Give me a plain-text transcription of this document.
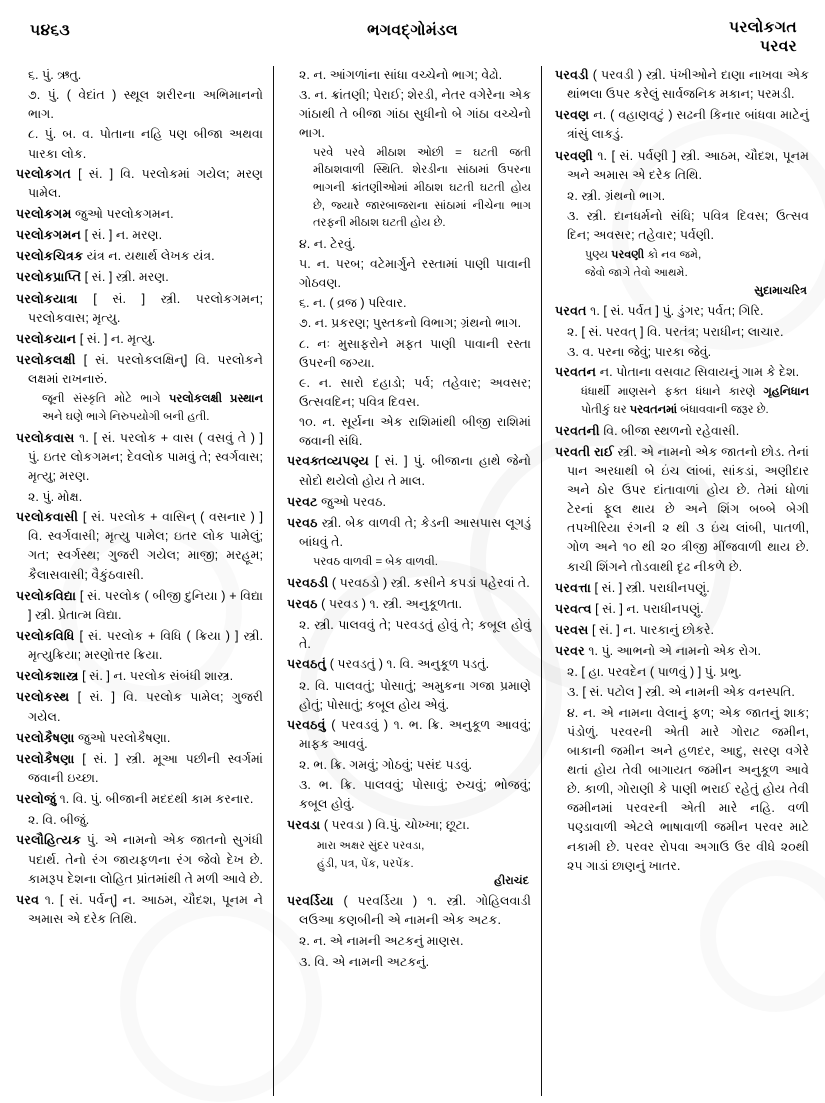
૫૪૬૩	ભગવદ્ગોમંડલ	પરલોકગત
પરવર

૬. પું. ઋતુ.

૭. પું. ( વેદાંત ) સ્થૂલ શરીરના અભિમાનનો ભાગ.

૮. પું. બ. વ. પોતાના નહિ પણ બીજા અથવા પારકા લોક.

પરલોકગત [ સં. ] વિ. પરલોકમાં ગયેલ; મરણ પામેલ.

પરલોકગમ જુઓ પરલોકગમન.

પરલોકગમન [ સં. ] ન. મરણ.

પરલોકચિત્રક યંત્ર ન. યથાર્થ લેખક યંત્ર.

પરલોકપ્રાપ્તિ [ સં. ] સ્ત્રી. મરણ.

પરલોકયાત્રા [ સં. ] સ્ત્રી. પરલોકગમન; પરલોકવાસ; મૃત્યુ.

પરલોકયાન [ સં. ] ન. મૃત્યુ.

પરલોકલક્ષી [ સં. પરલોકલક્ષિન્] વિ. પરલોકને લક્ષમાં રાખનારું.

પ્રસ્થાન
જૂની સંસ્કૃતિ મોટે ભાગે પરલોકલક્ષી અને ઘણે ભાગે નિરુપયોગી બની હતી.

પરલોકવાસ ૧. [ સં. પરલોક + વાસ ( વસવું તે ) ] પું. ઇતર લોકગમન; દેવલોક પામવું તે; સ્વર્ગવાસ; મૃત્યુ; મરણ.

૨. પું. મોક્ષ.

પરલોકવાસી [ સં. પરલોક + વાસિન્ ( વસનાર ) ] વિ. સ્વર્ગવાસી; મૃત્યુ પામેલ; ઇતર લોક પામેલું; ગત; સ્વર્ગસ્થ; ગુજરી ગયેલ; માજી; મરહૂમ; કૈલાસવાસી; વૈકુંઠવાસી.

પરલોકવિદ્યા [ સં. પરલોક ( બીજી દુનિયા ) + વિદ્યા ] સ્ત્રી. પ્રેતાત્મ વિદ્યા.

પરલોકવિધિ [ સં. પરલોક + વિધિ ( ક્રિયા ) ] સ્ત્રી. મૃત્યુક્રિયા; મરણોત્તર ક્રિયા.

પરલોકશાસ્ત્ર [ સં. ] ન. પરલોક સંબંધી શાસ્ત્ર.

પરલોકસ્થ [ સં. ] વિ. પરલોક પામેલ; ગુજરી ગયેલ.

પરલોકૈષણા જુઓ પરલોકૈષણા.

પરલોકૈષણા [ સં. ] સ્ત્રી. મૂઆ પછીની સ્વર્ગમાં જવાની ઇચ્છા.

પરલોજું ૧. વિ. પું. બીજાની મદદથી કામ કરનાર.

૨. વિ. બીજું.

પરલૌહિત્યક પું. એ નામનો એક જાતનો સુગંધી પદાર્થ. તેનો રંગ જાયફળના રંગ જેવો દેખ છે. કામરૂપ દેશના લોહિત પ્રાંતમાંથી તે મળી આવે છે.

પરવ ૧. [ સં. પર્વન્] ન. આઠમ, ચૌદશ, પૂનમ ને અમાસ એ દરેક તિથિ.

૨. ન. આંગળાંના સાંધા વચ્ચેનો ભાગ; વેઢો.

૩. ન. ક્રાંતણી; પેરાઈ; શેરડી, નેતર વગેરેના એક ગાંઠાથી તે બીજા ગાંઠા સુધીનો બે ગાંઠા વચ્ચેનો ભાગ.

પરવે પરવે મીઠાશ ઓછી = ઘટતી જતી મીઠાશવાળી સ્થિતિ. શેરડીના સાંઠામાં ઉપરના ભાગની ક્રાંતણીઓમાં મીઠાશ ઘટતી ઘટતી હોય છે, જ્યારે જારબાજરાના સાંઠામાં નીચેના ભાગ તરફની મીઠાશ ઘટતી હોય છે.

૪. ન. ટેરવું.

૫. ન. પરબ; વટેમાર્ગુને રસ્તામાં પાણી પાવાની ગોઠવણ.

૬. ન. ( વ્રજ ) પરિવાર.

૭. ન. પ્રકરણ; પુસ્તકનો વિભાગ; ગ્રંથનો ભાગ.

૮. નઃ મુસાફરોને મફત પાણી પાવાની રસ્તા ઉપરની જગ્યા.

૯. ન. સારો દહાડો; પર્વ; તહેવાર; અવસર; ઉત્સવદિન; પવિત્ર દિવસ.

૧૦. ન. સૂર્યના એક રાશિમાંથી બીજી રાશિમાં જવાની સંધિ.

પરવક્તવ્યપણ્ય [ સં. ] પું. બીજાના હાથે જેનો સોદો થયેલો હોય તે માલ.

પરવટ જુઓ પરવઠ.

પરવઠ સ્ત્રી. બેક વાળવી તે; કેડની આસપાસ લૂગડું બાંધવું તે.

પરવઠ વાળવી = બેક વાળવી.

પરવઠડી ( પરવઠડો ) સ્ત્રી. કસીને કપડાં પહેરવાં તે.

પરવઠ ( પરવડ ) ૧. સ્ત્રી. અનુકૂળતા.

૨. સ્ત્રી. પાલવવું તે; પરવડતું હોવું તે; કબૂલ હોવું તે.

પરવઠતું ( પરવડતું ) ૧. વિ. અનુકૂળ પડતું.

૨. વિ. પાલવતું; પોસાતું; અમુકના ગજા પ્રમાણે હોતું; પોસાતું; કબૂલ હોય એવું.

પરવઠવું ( પરવડવું ) ૧. ભ. ક્રિ. અનુકૂળ આવવું; માફક આવવું.

૨. ભ. ક્રિ. ગમવું; ગોઠવું; પસંદ પડવું.

૩. ભ. ક્રિ. પાલવવું; પોસાવું; રુચવું; ભોજવું; કબૂલ હોવું.

પરવડા ( પરવડા ) વિ.પું. ચોખ્ખા; છૂટા.

મારા અક્ષર સુંદર પરવડા,
હુંડી, પત્ર, પેંક, પરપેંક.
હીરાચંદ

પરવર્ડિયા ( પરવર્ડિયા ) ૧. સ્ત્રી. ગોહિલવાડી લઉઆ કણબીની એ નામની એક અટક.

૨. ન. એ નામની અટકનું માણસ.

૩. વિ. એ નામની અટકનું.

પરવડી ( પરવડી ) સ્ત્રી. પંખીઓને દાણા નાખવા એક થાંભલા ઉપર કરેલું સાર્વજનિક મકાન; પરમડી.

પરવણ ન. ( વહાણવટું ) સઢની કિનાર બાંધવા માટેનું ત્રાંસું લાકડું.

પરવણી ૧. [ સં. પર્વણી ] સ્ત્રી. આઠમ, ચૌદશ, પૂનમ અને અમાસ એ દરેક તિથિ.

૨. સ્ત્રી. ગ્રંથનો ભાગ.

૩. સ્ત્રી. દાનધર્મનો સંધિ; પવિત્ર દિવસ; ઉત્સવ દિન; અવસર; તહેવાર; પર્વણી.

પુણ્ય પરવણી કો નવ જમે,
જેવો જાગે તેવો આથમે.
સુદામાચરિત્ર

પરવત ૧. [ સં. પર્વત ] પું. ડુંગર; પર્વત; ગિરિ.

૨. [ સં. પરવત્ ] વિ. પરતંત્ર; પરાધીન; લાચાર.

૩. વ. પરના જેવું; પારકા જેવું.

પરવતન ન. પોતાના વસવાટ સિવાયનું ગામ કે દેશ.

ગૃહનિધાન
ધંધાર્થી માણસને ફક્ત ધંધાને કારણે પોતીકું ઘર પરવતનમાં બંધાવવાની જરૂર છે.

પરવતની વિ. બીજા સ્થળનો રહેવાસી.

પરવતી રાઈ સ્ત્રી. એ નામનો એક જાતનો છોડ. તેનાં પાન અરધાથી બે ઇંચ લાંબાં, સાંકડાં, અણીદાર અને ઠોર ઉપર દાંતાવાળાં હોય છે. તેમાં ધોળાં ટેરનાં ફૂલ થાય છે અને શિંગ બબ્બે બેગી તપખીરિયા રંગની ૨ થી ૩ ઇંચ લાંબી, પાતળી, ગોળ અને ૧૦ થી ૨૦ ત્રીજી મીંજવાળી થાય છે. કાચી શિંગને તોડવાથી દૃઢ નીકળે છે.

પરવત્તા [ સં. ] સ્ત્રી. પરાધીનપણું.

પરવત્વ [ સં. ] ન. પરાધીનપણું.

પરવસ [ સં. ] ન. પારકાનું છોકરે.

પરવર ૧. પું. આભનો એ નામનો એક રોગ.

૨. [ હા. પરવદેન ( પાળવું ) ] પું. પ્રભુ.

૩. [ સં. પટોલ ] સ્ત્રી. એ નામની એક વનસ્પતિ.

૪. ન. એ નામના વેલાનું ફળ; એક જાતનું શાક; પંડોળું. પરવરની એતી મારે ગોરાટ જમીન, બાકાની જમીન અને હળદર, આદુ, સરણ વગેરે થતાં હોય તેવી બાગાયત જમીન અનુકૂળ આવે છે. કાળી, ગોરાણી કે પાણી ભરાઈ રહેતું હોય તેવી જમીનમાં પરવરની એતી મારે નહિ. વળી પણ્ડાવાળી એટલે ભાષાવાળી જમીન પરવર માટે નકામી છે. પરવર રોપવા અગાઉ ઉર વીધે ૨૦થી ૨૫ ગાડાં છાણનું ખાતર.
